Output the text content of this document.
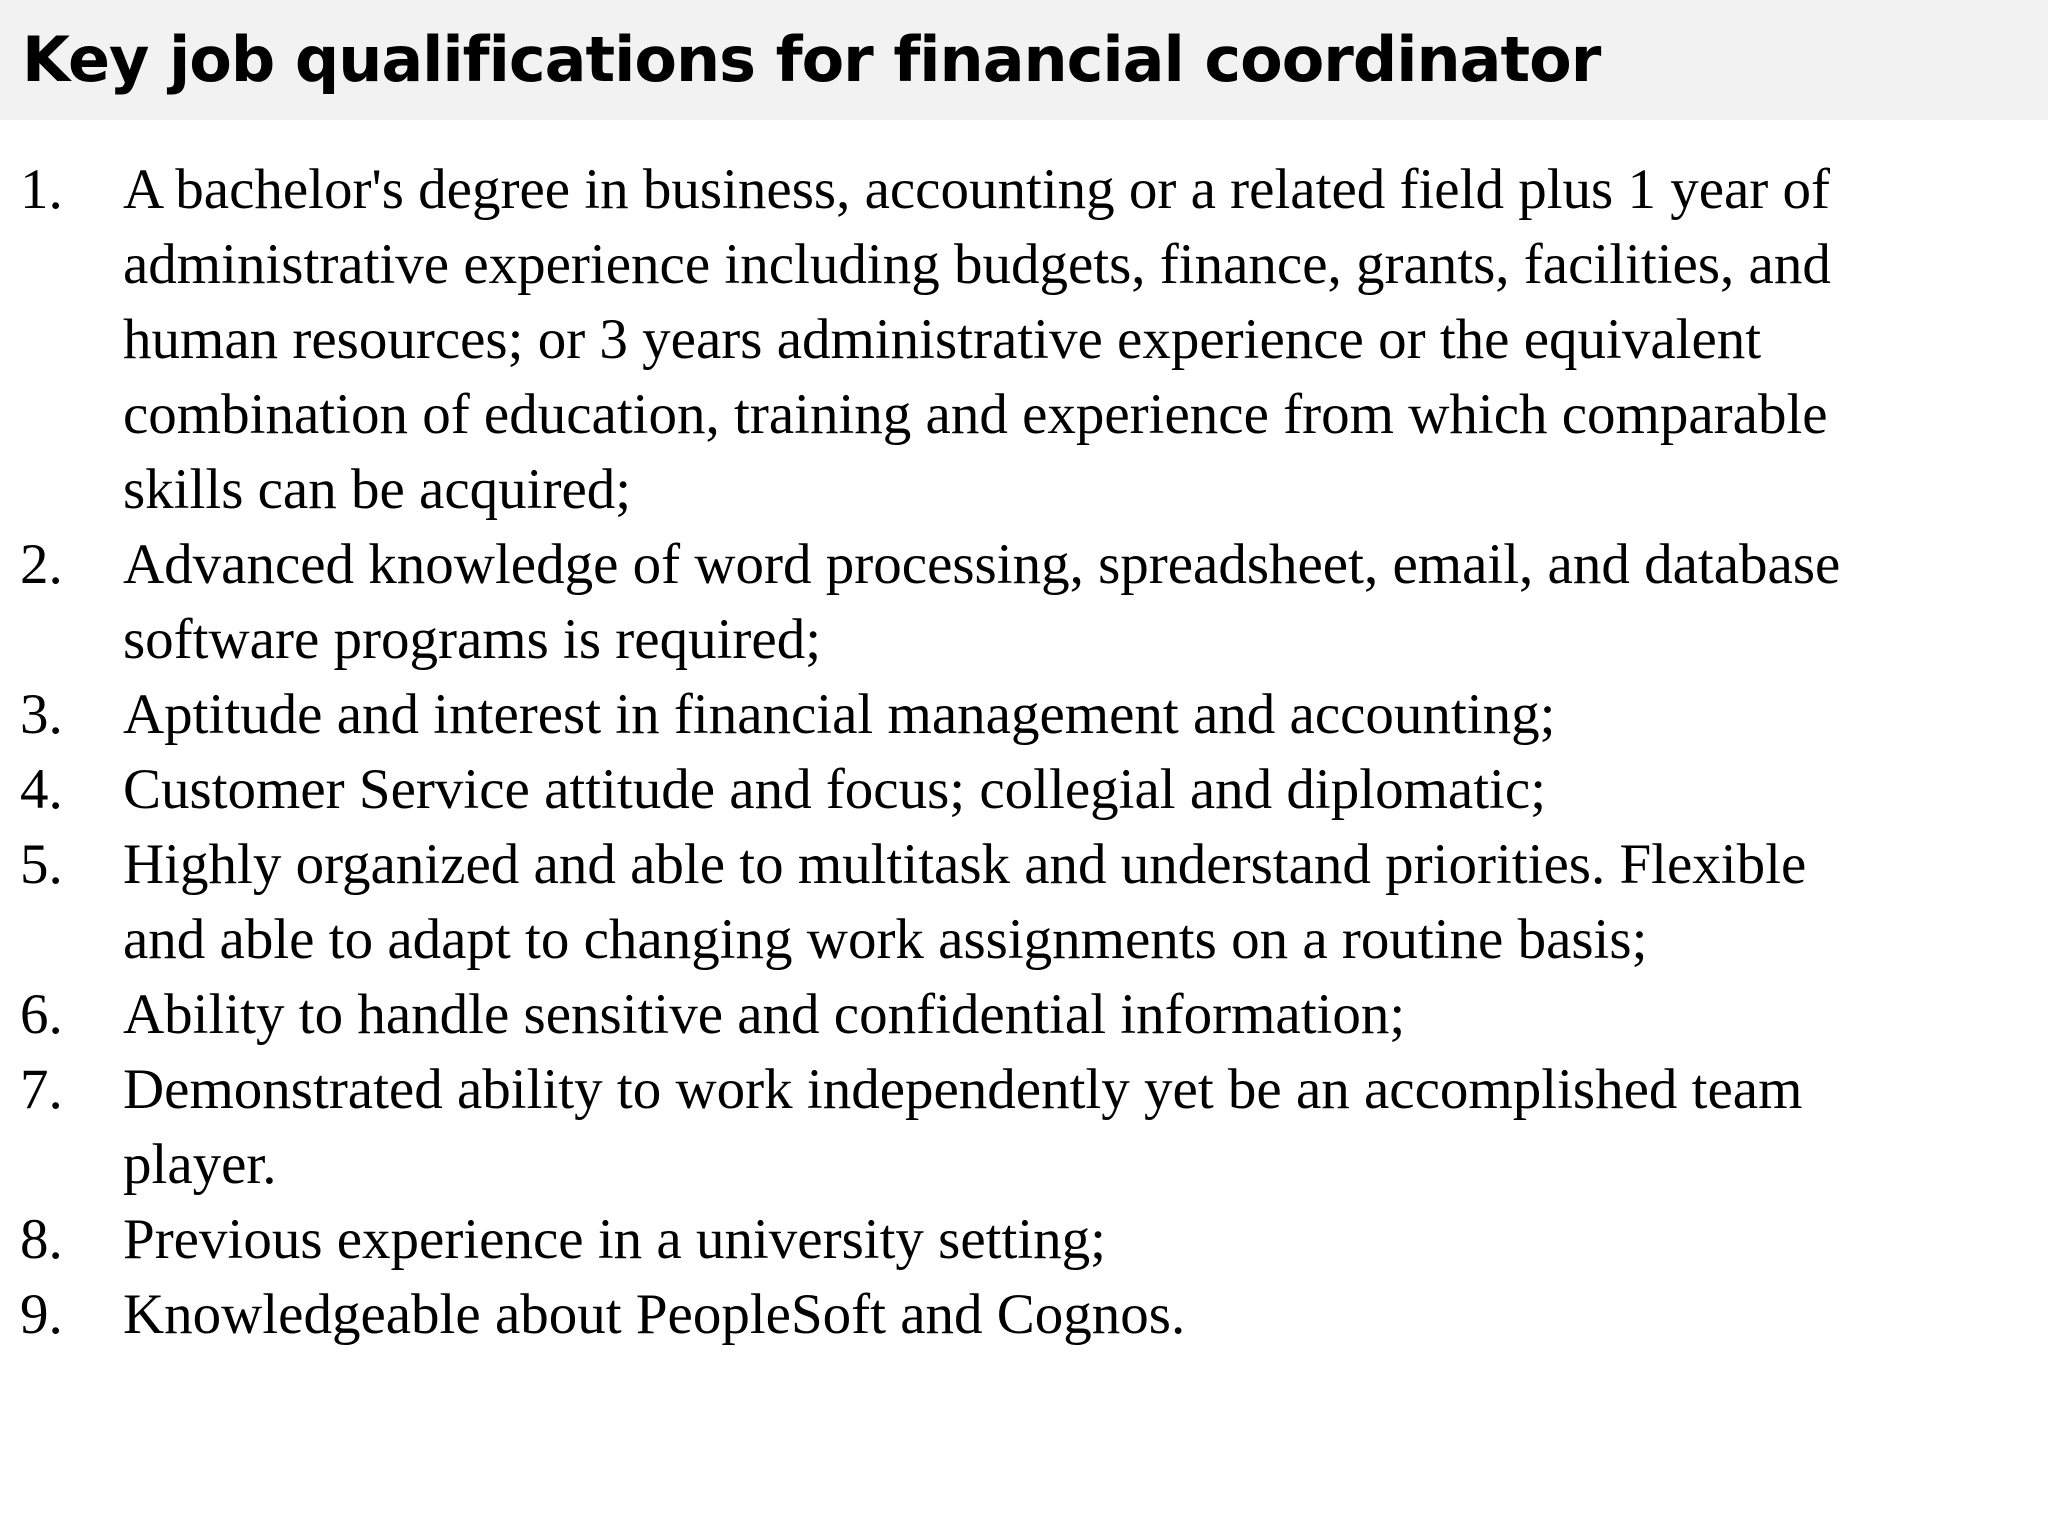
Key job qualifications for financial coordinator
1. A bachelor's degree in business, accounting or a related field plus 1 year of
administrative experience including budgets, finance, grants, facilities, and
human resources; or 3 years administrative experience or the equivalent
combination of education, training and experience from which comparable
skills can be acquired;
2. Advanced knowledge of word processing, spreadsheet, email, and database
software programs is required;
3. Aptitude and interest in financial management and accounting;
4. Customer Service attitude and focus; collegial and diplomatic;
5. Highly organized and able to multitask and understand priorities. Flexible
and able to adapt to changing work assignments on a routine basis;
6. Ability to handle sensitive and confidential information;
7. Demonstrated ability to work independently yet be an accomplished team
player.
8. Previous experience in a university setting;
9. Knowledgeable about PeopleSoft and Cognos.
